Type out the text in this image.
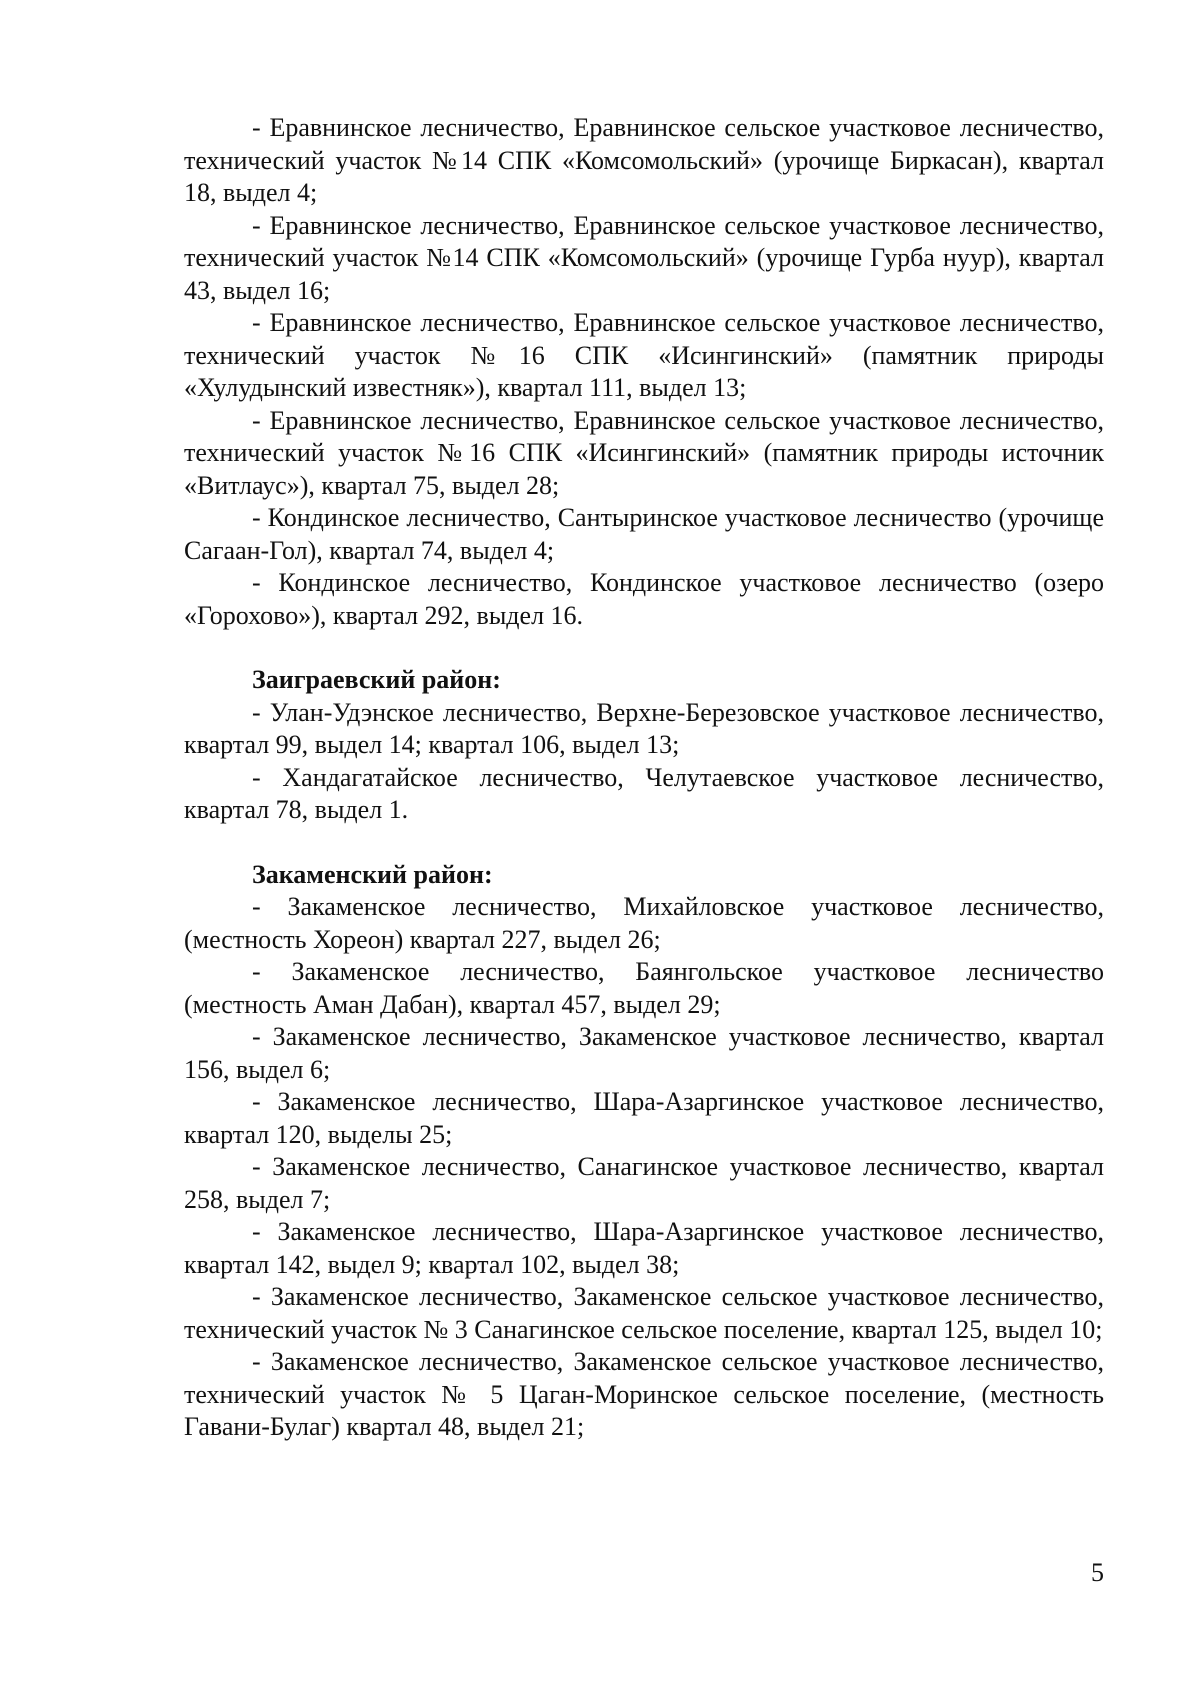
- Еравнинское лесничество, Еравнинское сельское участковое лесничество, технический участок №14 СПК «Комсомольский» (урочище Биркасан), квартал 18, выдел 4;

- Еравнинское лесничество, Еравнинское сельское участковое лесничество, технический участок №14 СПК «Комсомольский» (урочище Гурба нуур), квартал 43, выдел 16;

- Еравнинское лесничество, Еравнинское сельское участковое лесничество, технический участок №16 СПК «Исингинский» (памятник природы «Хулудынский известняк»), квартал 111, выдел 13;

- Еравнинское лесничество, Еравнинское сельское участковое лесничество, технический участок №16 СПК «Исингинский» (памятник природы источник «Витлаус»), квартал 75, выдел 28;

- Кондинское лесничество, Сантыринское участковое лесничество (урочище Сагаан-Гол), квартал 74, выдел 4;

- Кондинское лесничество, Кондинское участковое лесничество (озеро «Горохово»), квартал 292, выдел 16.

Заиграевский район:

- Улан-Удэнское лесничество, Верхне-Березовское участковое лесничество, квартал 99, выдел 14; квартал 106, выдел 13;

- Хандагатайское лесничество, Челутаевское участковое лесничество, квартал 78, выдел 1.

Закаменский район:

- Закаменское лесничество, Михайловское участковое лесничество, (местность Хореон) квартал 227, выдел 26;

- Закаменское лесничество, Баянгольское участковое лесничество (местность Аман Дабан), квартал 457, выдел 29;

- Закаменское лесничество, Закаменское участковое лесничество, квартал 156, выдел 6;

- Закаменское лесничество, Шара-Азаргинское участковое лесничество, квартал 120, выделы 25;

- Закаменское лесничество, Санагинское участковое лесничество, квартал 258, выдел 7;

- Закаменское лесничество, Шара-Азаргинское участковое лесничество, квартал 142, выдел 9; квартал 102, выдел 38;

- Закаменское лесничество, Закаменское сельское участковое лесничество, технический участок № 3 Санагинское сельское поселение, квартал 125, выдел 10;

- Закаменское лесничество, Закаменское сельское участковое лесничество, технический участок № 5 Цаган-Моринское сельское поселение, (местность Гавани-Булаг) квартал 48, выдел 21;

5
